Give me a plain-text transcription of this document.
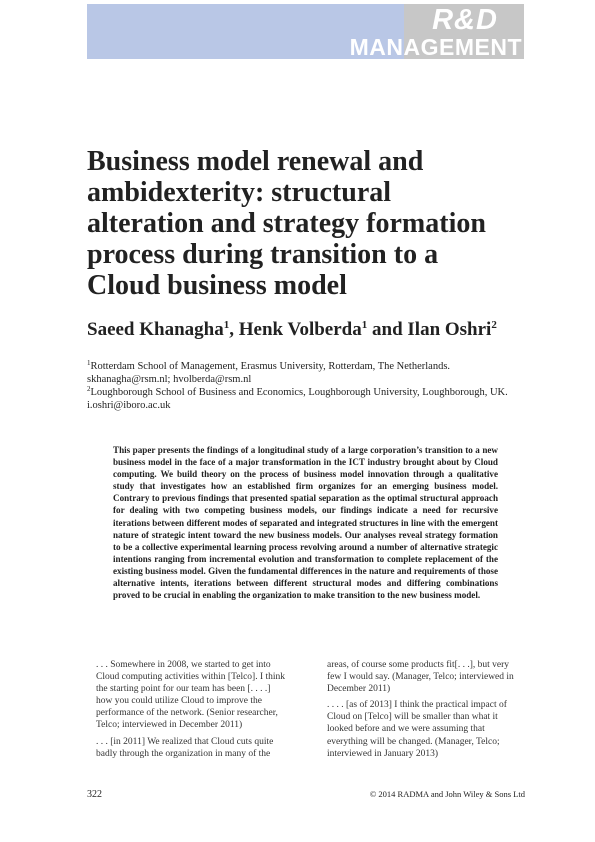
R&D
MANAGEMENT
Business model renewal and
ambidexterity: structural
alteration and strategy formation
process during transition to a
Cloud business model

Saeed Khanagha$^1$, Henk Volberda$^1$ and Ilan Oshri$^2$

$^1$Rotterdam School of Management, Erasmus University, Rotterdam, The Netherlands.
skhanagha@rsm.nl; hvolberda@rsm.nl
$^2$Loughborough School of Business and Economics, Loughborough University, Loughborough, UK.
i.oshri@iboro.ac.uk

This paper presents the findings of a longitudinal study of a large corporation’s transition to a new business model in the face of a major transformation in the ICT industry brought about by Cloud computing. We build theory on the process of business model innovation through a qualitative study that investigates how an established firm organizes for an emerging business model. Contrary to previous findings that presented spatial separation as the optimal structural approach for dealing with two competing business models, our findings indicate a need for recursive iterations between different modes of separated and integrated structures in line with the emergent nature of strategic intent toward the new business models. Our analyses reveal strategy formation to be a collective experimental learning process revolving around a number of alternative strategic intentions ranging from incremental evolution and transformation to complete replacement of the existing business model. Given the fundamental differences in the nature and requirements of those alternative intents, iterations between different structural modes and differing combinations proved to be crucial in enabling the organization to make transition to the new business model.

. . . Somewhere in 2008, we started to get into Cloud computing activities within [Telco]. I think the starting point for our team has been [. . . .] how you could utilize Cloud to improve the performance of the network. (Senior researcher, Telco; interviewed in December 2011)

. . . [in 2011] We realized that Cloud cuts quite badly through the organization in many of the

areas, of course some products fit[. . .], but very few I would say. (Manager, Telco; interviewed in December 2011)

. . . . [as of 2013] I think the practical impact of Cloud on [Telco] will be smaller than what it looked before and we were assuming that everything will be changed. (Manager, Telco; interviewed in January 2013)

322	© 2014 RADMA and John Wiley & Sons Ltd
